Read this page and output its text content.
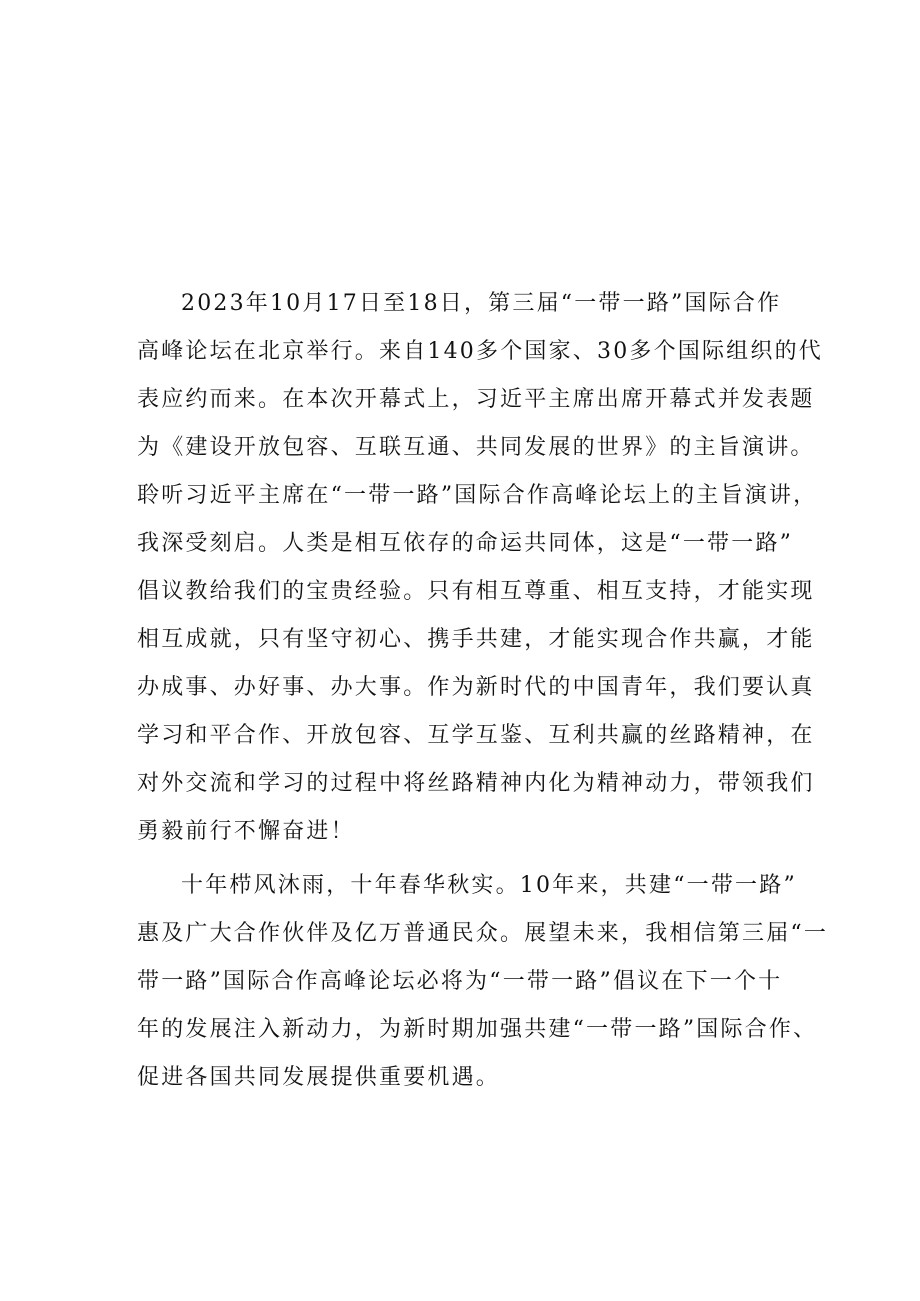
2023年10月17日至18日，第三届“一带一路”国际合作
高峰论坛在北京举行。来自140多个国家、30多个国际组织的代
表应约而来。在本次开幕式上，习近平主席出席开幕式并发表题
为《建设开放包容、互联互通、共同发展的世界》的主旨演讲。
聆听习近平主席在“一带一路”国际合作高峰论坛上的主旨演讲，
我深受刻启。人类是相互依存的命运共同体，这是“一带一路”
倡议教给我们的宝贵经验。只有相互尊重、相互支持，才能实现
相互成就，只有坚守初心、携手共建，才能实现合作共赢，才能
办成事、办好事、办大事。作为新时代的中国青年，我们要认真
学习和平合作、开放包容、互学互鉴、互利共赢的丝路精神，在
对外交流和学习的过程中将丝路精神内化为精神动力，带领我们
勇毅前行不懈奋进！
十年栉风沐雨，十年春华秋实。10年来，共建“一带一路”
惠及广大合作伙伴及亿万普通民众。展望未来，我相信第三届“一
带一路”国际合作高峰论坛必将为“一带一路”倡议在下一个十
年的发展注入新动力，为新时期加强共建“一带一路”国际合作、
促进各国共同发展提供重要机遇。
